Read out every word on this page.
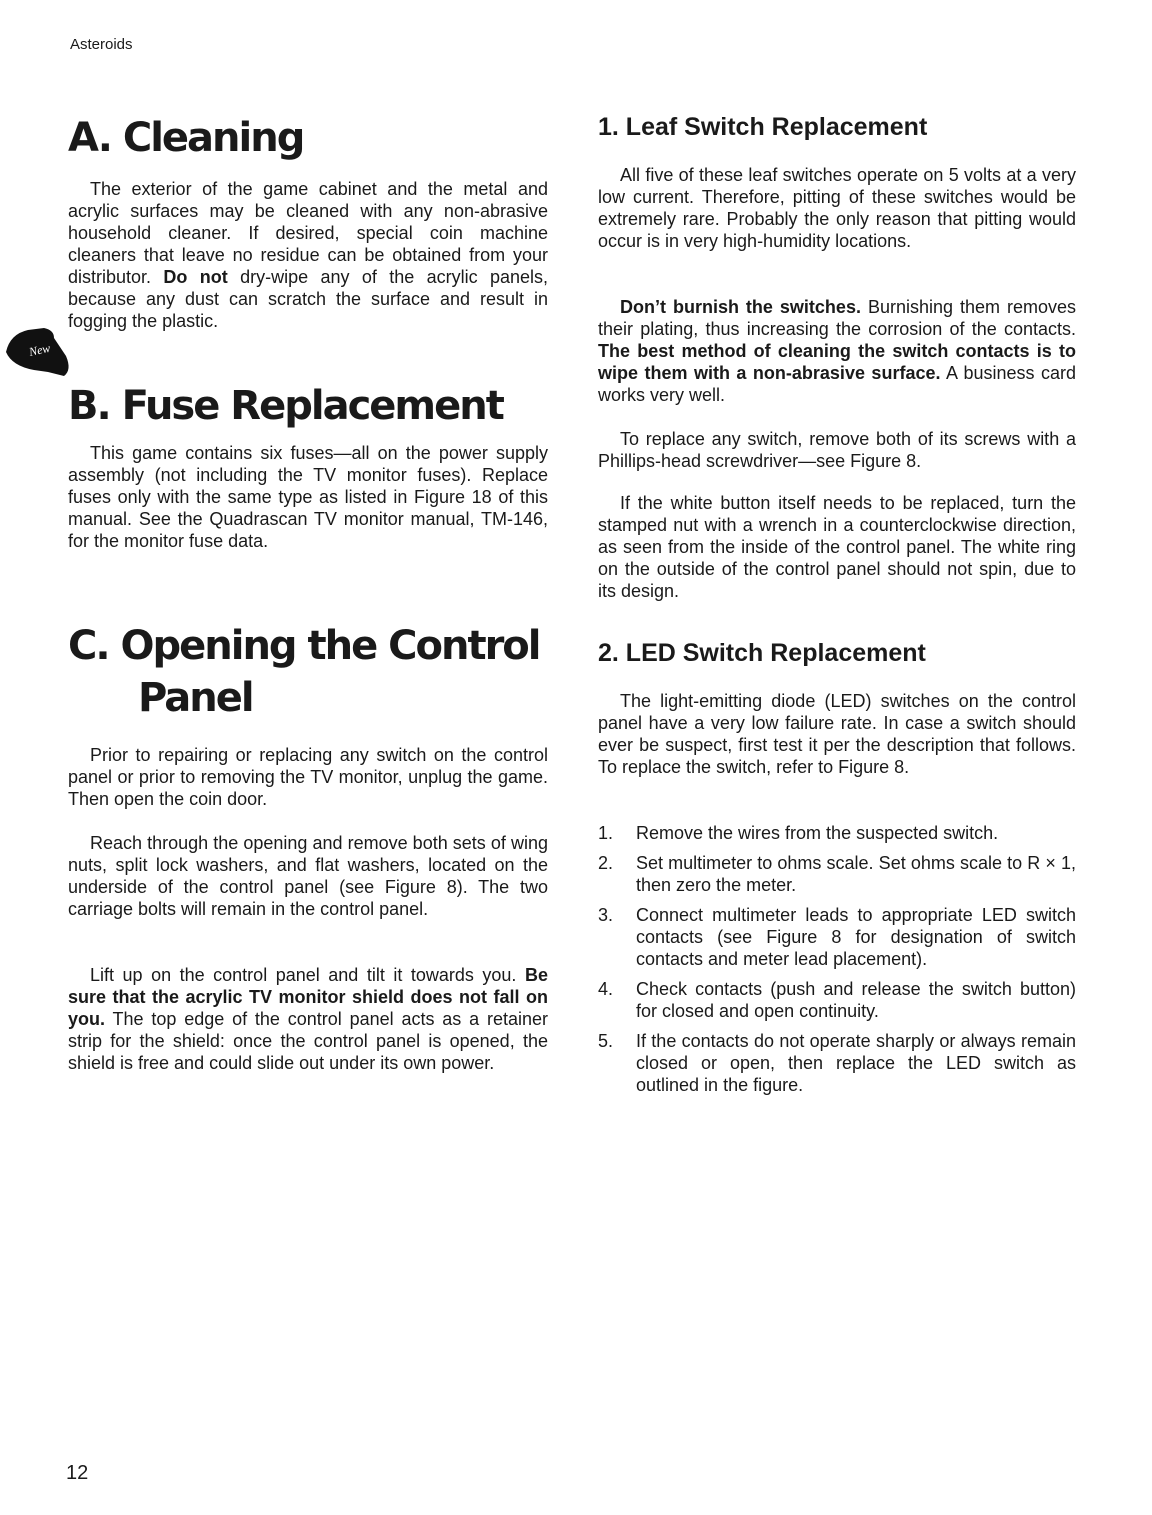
Asteroids
New
A. Cleaning

The exterior of the game cabinet and the metal and acrylic surfaces may be cleaned with any non-abrasive household cleaner. If desired, special coin machine cleaners that leave no residue can be obtained from your distributor. Do not dry-wipe any of the acrylic panels, because any dust can scratch the surface and result in fogging the plastic.

B. Fuse Replacement

This game contains six fuses—all on the power supply assembly (not including the TV monitor fuses). Replace fuses only with the same type as listed in Figure 18 of this manual. See the Quadrascan TV monitor manual, TM-146, for the monitor fuse data.

C. Opening the Control
Panel

Prior to repairing or replacing any switch on the control panel or prior to removing the TV monitor, unplug the game. Then open the coin door.

Reach through the opening and remove both sets of wing nuts, split lock washers, and flat washers, located on the underside of the control panel (see Figure 8). The two carriage bolts will remain in the control panel.

Lift up on the control panel and tilt it towards you. Be sure that the acrylic TV monitor shield does not fall on you. The top edge of the control panel acts as a retainer strip for the shield: once the control panel is opened, the shield is free and could slide out under its own power.

1. Leaf Switch Replacement

All five of these leaf switches operate on 5 volts at a very low current. Therefore, pitting of these switches would be extremely rare. Probably the only reason that pitting would occur is in very high-humidity locations.

Don’t burnish the switches. Burnishing them removes their plating, thus increasing the corrosion of the contacts. The best method of cleaning the switch contacts is to wipe them with a non-abrasive surface. A business card works very well.

To replace any switch, remove both of its screws with a Phillips-head screwdriver—see Figure 8.

If the white button itself needs to be replaced, turn the stamped nut with a wrench in a counterclockwise direction, as seen from the inside of the control panel. The white ring on the outside of the control panel should not spin, due to its design.

2. LED Switch Replacement

The light-emitting diode (LED) switches on the control panel have a very low failure rate. In case a switch should ever be suspect, first test it per the description that follows. To replace the switch, refer to Figure 8.

1. Remove the wires from the suspected switch.
2. Set multimeter to ohms scale. Set ohms scale to R × 1, then zero the meter.
3. Connect multimeter leads to appropriate LED switch contacts (see Figure 8 for designation of switch contacts and meter lead placement).
4. Check contacts (push and release the switch button) for closed and open continuity.
5. If the contacts do not operate sharply or always remain closed or open, then replace the LED switch as outlined in the figure.
12
